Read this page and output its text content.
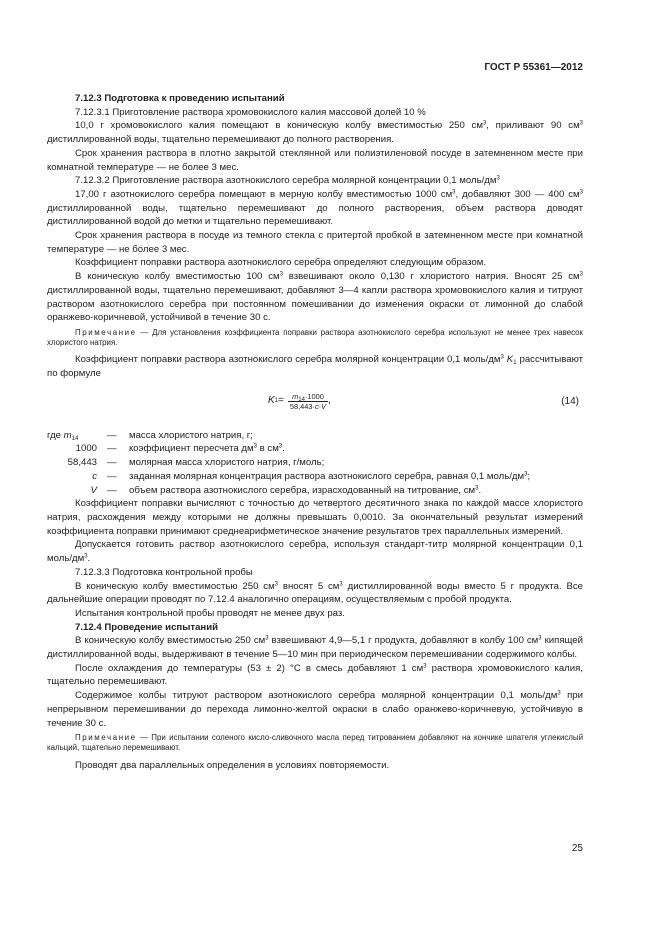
ГОСТ Р 55361—2012

7.12.3 Подготовка к проведению испытаний

7.12.3.1 Приготовление раствора хромовокислого калия массовой долей 10 %

10,0 г хромовокислого калия помещают в коническую колбу вместимостью 250 $см^3$, приливают 90 $см^3$ дистиллированной воды, тщательно перемешивают до полного растворения.

Срок хранения раствора в плотно закрытой стеклянной или полиэтиленовой посуде в затемненном месте при комнатной температуре — не более 3 мес.

7.12.3.2 Приготовление раствора азотнокислого серебра молярной концентрации 0,1 моль/$дм^3$

17,00 г азотнокислого серебра помещают в мерную колбу вместимостью 1000 $см^3$, добавляют 300 — 400 $см^3$ дистиллированной воды, тщательно перемешивают до полного растворения, объем раствора доводят дистиллированной водой до метки и тщательно перемешивают.

Срок хранения раствора в посуде из темного стекла с притертой пробкой в затемненном месте при комнатной температуре — не более 3 мес.

Коэффициент поправки раствора азотнокислого серебра определяют следующим образом.

В коническую колбу вместимостью 100 $см^3$ взвешивают около 0,130 г хлористого натрия. Вносят 25 $см^3$ дистиллированной воды, тщательно перемешивают, добавляют 3—4 капли раствора хромовокислого калия и титруют раствором азотнокислого серебра при постоянном помешивании до изменения окраски от лимонной до слабой оранжево-коричневой, устойчивой в течение 30 с.

Примечание — Для установления коэффициента поправки раствора азотнокислого серебра используют не менее трех навесок хлористого натрия.

Коэффициент поправки раствора азотнокислого серебра молярной концентрации 0,1 моль/$дм^3$ $K_1$ рассчитывают по формуле

K $1 = \frac{m_{14}\cdot 1000}{58,443\cdot c\cdot V}$ ,	(14)
где $m_{14}$	—	масса хлористого натрия, г;
1000	—	коэффициент пересчета $дм^3$ в $см^3$.
58,443	—	молярная масса хлористого натрия, г/моль;
c	—	заданная молярная концентрация раствора азотнокислого серебра, равная 0,1 моль/$дм^3$;
V	—	объем раствора азотнокислого серебра, израсходованный на титрование, $см^3$.

Коэффициент поправки вычисляют с точностью до четвертого десятичного знака по каждой массе хлористого натрия, расхождения между которыми не должны превышать 0,0010. За окончательный результат измерений коэффициента поправки принимают среднеарифметическое значение результатов трех параллельных измерений.

Допускается готовить раствор азотнокислого серебра, используя стандарт-титр молярной концентрации 0,1 моль/$дм^3$.

7.12.3.3 Подготовка контрольной пробы

В коническую колбу вместимостью 250 $см^3$ вносят 5 $см^3$ дистиллированной воды вместо 5 г продукта. Все дальнейшие операции проводят по 7.12.4 аналогично операциям, осуществляемым с пробой продукта.

Испытания контрольной пробы проводят не менее двух раз.

7.12.4 Проведение испытаний

В коническую колбу вместимостью 250 $см^3$ взвешивают 4,9—5,1 г продукта, добавляют в колбу 100 $см^3$ кипящей дистиллированной воды, выдерживают в течение 5—10 мин при периодическом перемешивании содержимого колбы.

После охлаждения до температуры (53 ± 2) °С в смесь добавляют 1 $см^3$ раствора хромовокислого калия, тщательно перемешивают.

Содержимое колбы титруют раствором азотнокислого серебра молярной концентрации 0,1 моль/$дм^3$ при непрерывном перемешивании до перехода лимонно-желтой окраски в слабо оранжево-коричневую, устойчивую в течение 30 с.

Примечание — При испытании соленого кисло-сливочного масла перед титрованием добавляют на кончике шпателя углекислый кальций, тщательно перемешивают.

Проводят два параллельных определения в условиях повторяемости.

25
